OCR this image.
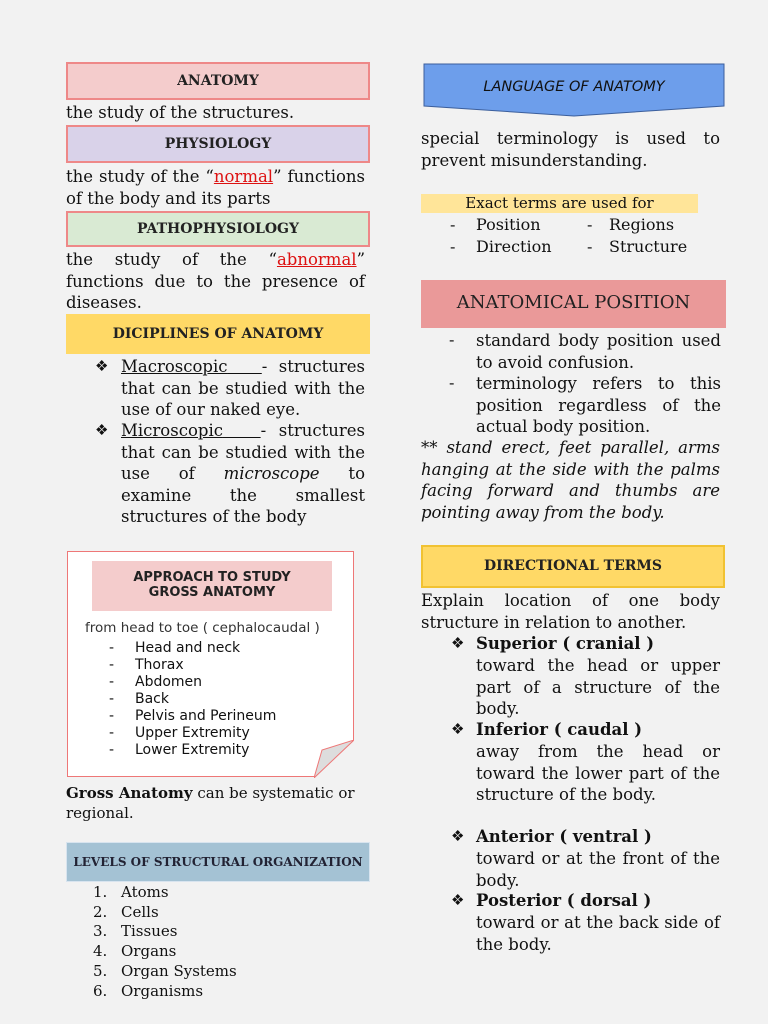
ANATOMY
the study of the structures.
PHYSIOLOGY
the study of the “normal” functions of the body and its parts
PATHOPHYSIOLOGY
the study of the “abnormal” functions due to the presence of diseases.
DICIPLINES OF ANATOMY
❖ Macroscopic - structures that can be studied with the use of our naked eye.
❖ Microscopic - structures that can be studied with the use of microscope to examine the smallest structures of the body
APPROACH TO STUDY
GROSS ANATOMY
from head to toe ( cephalocaudal )
-	Head and neck
-	Thorax
-	Abdomen
-	Back
-	Pelvis and Perineum
-	Upper Extremity
-	Lower Extremity
Gross Anatomy can be systematic or regional.
LEVELS OF STRUCTURAL ORGANIZATION
1. Atoms
2. Cells
3. Tissues
4. Organs
5. Organ Systems
6. Organisms
LANGUAGE OF ANATOMY
special terminology is used to prevent misunderstanding.
Exact terms are used for
-	Position
-	Direction
-	Regions
-	Structure
ANATOMICAL POSITION
- standard body position used to avoid confusion.
- terminology refers to this position regardless of the actual body position.
** stand erect, feet parallel, arms hanging at the side with the palms facing forward and thumbs are pointing away from the body.
DIRECTIONAL TERMS
Explain location of one body structure in relation to another.
❖ Superior ( cranial )
toward the head or upper part of a structure of the body.
❖ Inferior ( caudal )
away from the head or toward the lower part of the structure of the body.
❖ Anterior ( ventral )
toward or at the front of the body.
❖ Posterior ( dorsal )
toward or at the back side of the body.
